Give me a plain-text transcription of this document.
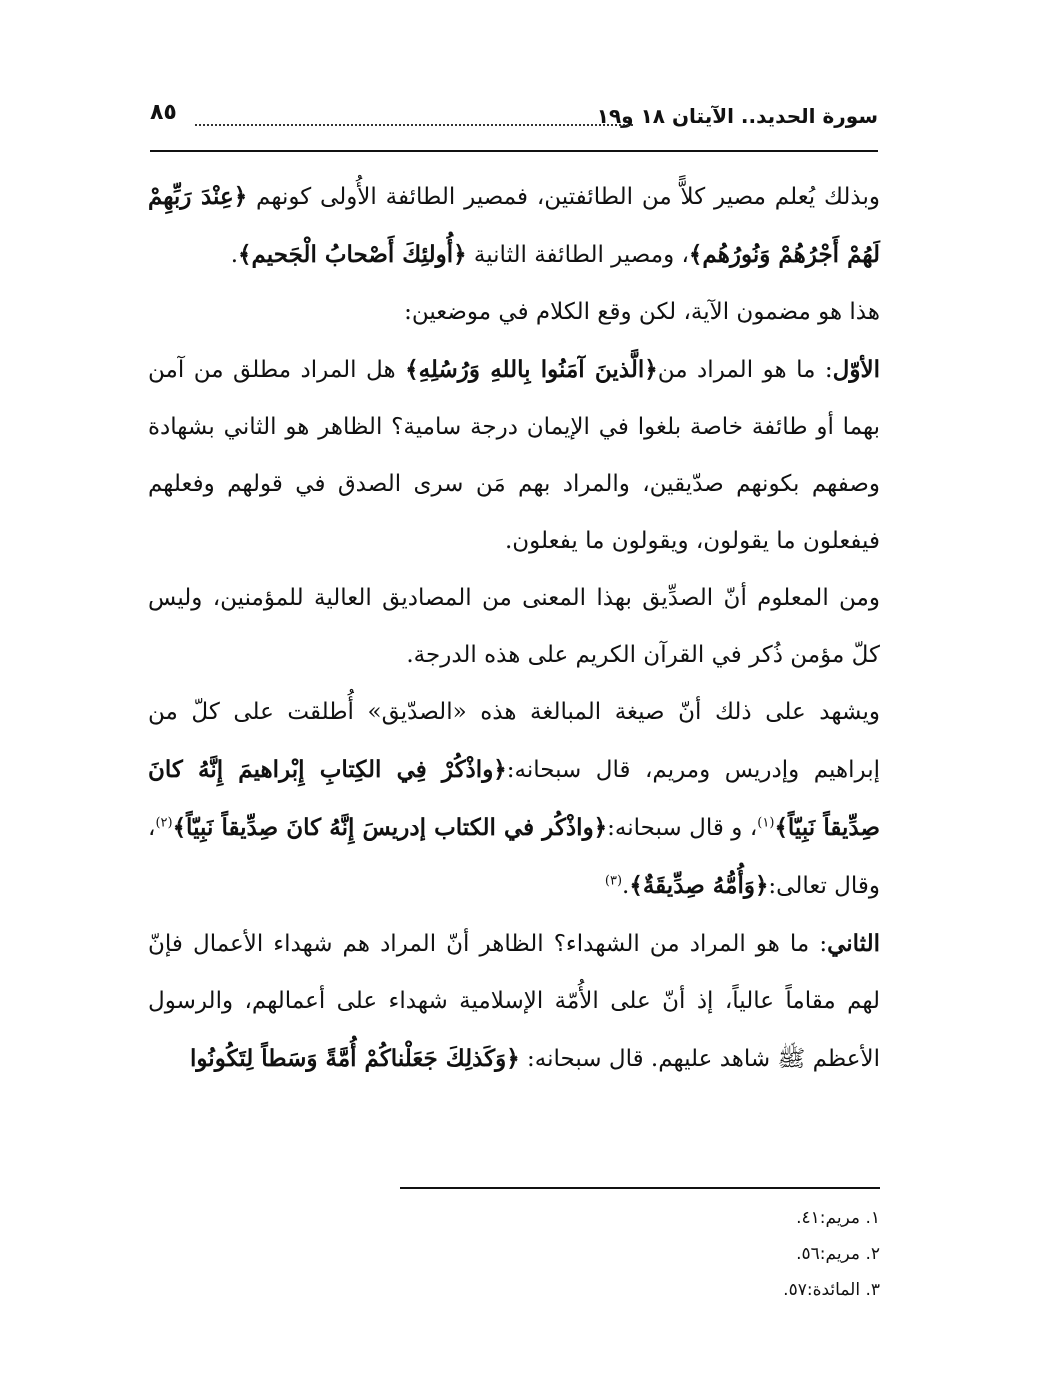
سورة الحديد.. الآيتان ١٨ و١٩
٨٥

وبذلك يُعلم مصير كلاًّ من الطائفتين، فمصير الطائفة الأُولى كونهم ﴿عِنْدَ رَبِّهِمْ لَهُمْ أَجْرُهُمْ وَنُورُهُم﴾، ومصير الطائفة الثانية ﴿أُولئِكَ أَصْحابُ الْجَحيم﴾.

هذا هو مضمون الآية، لكن وقع الكلام في موضعين:

الأوّل: ما هو المراد من﴿الَّذينَ آمَنُوا بِاللهِ وَرُسُلِهِ﴾ هل المراد مطلق من آمن بهما أو طائفة خاصة بلغوا في الإيمان درجة سامية؟ الظاهر هو الثاني بشهادة وصفهم بكونهم صدّيقين، والمراد بهم مَن سرى الصدق في قولهم وفعلهم فيفعلون ما يقولون، ويقولون ما يفعلون.

ومن المعلوم أنّ الصدِّيق بهذا المعنى من المصاديق العالية للمؤمنين، وليس كلّ مؤمن ذُكر في القرآن الكريم على هذه الدرجة.

ويشهد على ذلك أنّ صيغة المبالغة هذه «الصدّيق» أُطلقت على كلّ من إبراهيم وإدريس ومريم، قال سبحانه:﴿واذْكُرْ فِي الكِتابِ إِبْراهيمَ إِنَّهُ كانَ صِدِّيقاً نَبِيّاً﴾$^{(١)}$، و قال سبحانه:﴿واذْكُر في الكتاب إدريسَ إِنَّهُ كانَ صِدِّيقاً نَبِيّاً﴾$^{(٢)}$، وقال تعالى:﴿وَأُمُّهُ صِدِّيقَةٌ﴾.$^{(٣)}$

الثاني: ما هو المراد من الشهداء؟ الظاهر أنّ المراد هم شهداء الأعمال فإنّ لهم مقاماً عالياً، إذ أنّ على الأُمّة الإسلامية شهداء على أعمالهم، والرسول الأعظم ﷺ شاهد عليهم. قال سبحانه: ﴿وَكَذلِكَ جَعَلْناكُمْ أُمَّةً وَسَطاً لِتَكُونُوا

١. مريم:٤١.
٢. مريم:٥٦.
٣. المائدة:٥٧.
